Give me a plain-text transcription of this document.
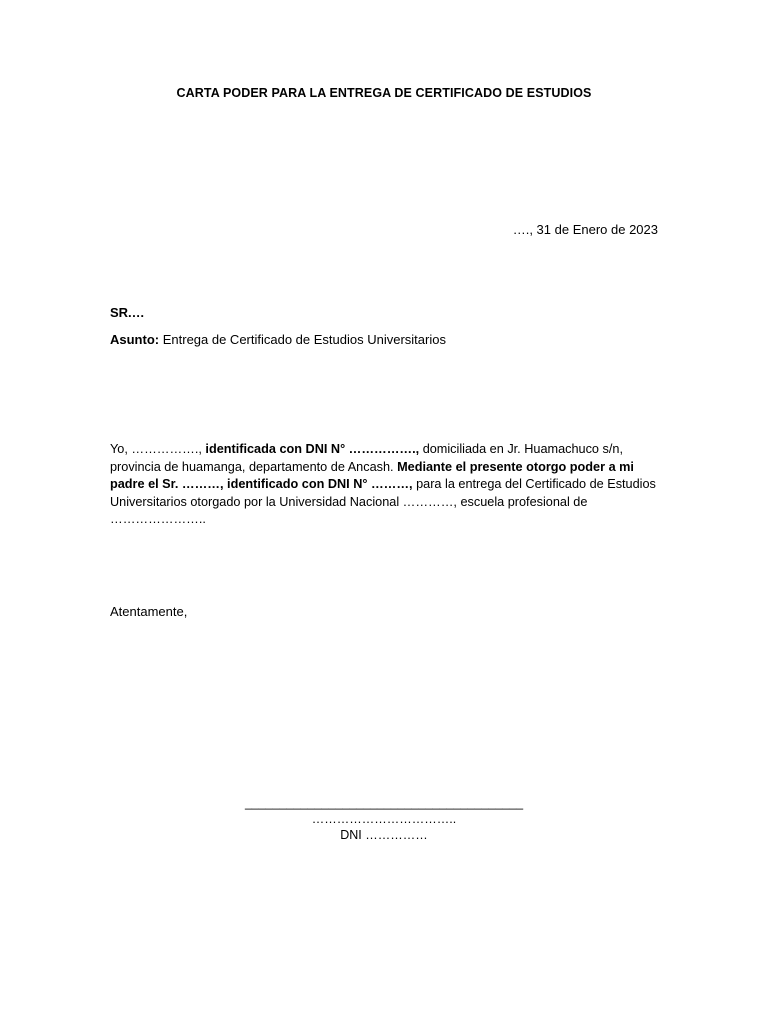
CARTA PODER PARA LA ENTREGA DE CERTIFICADO DE ESTUDIOS
…., 31 de Enero de 2023
SR.…
Asunto: Entrega de Certificado de Estudios Universitarios
Yo, ……………., identificada con DNI N° ……………., domiciliada en Jr. Huamachuco s/n, provincia de huamanga, departamento de Ancash. Mediante el presente otorgo poder a mi padre el Sr. ………, identificado con DNI N° ………, para la entrega del Certificado de Estudios Universitarios otorgado por la Universidad Nacional …………, escuela profesional de …………………..
Atentamente,
________________________________________
……………………………..
DNI ……………
